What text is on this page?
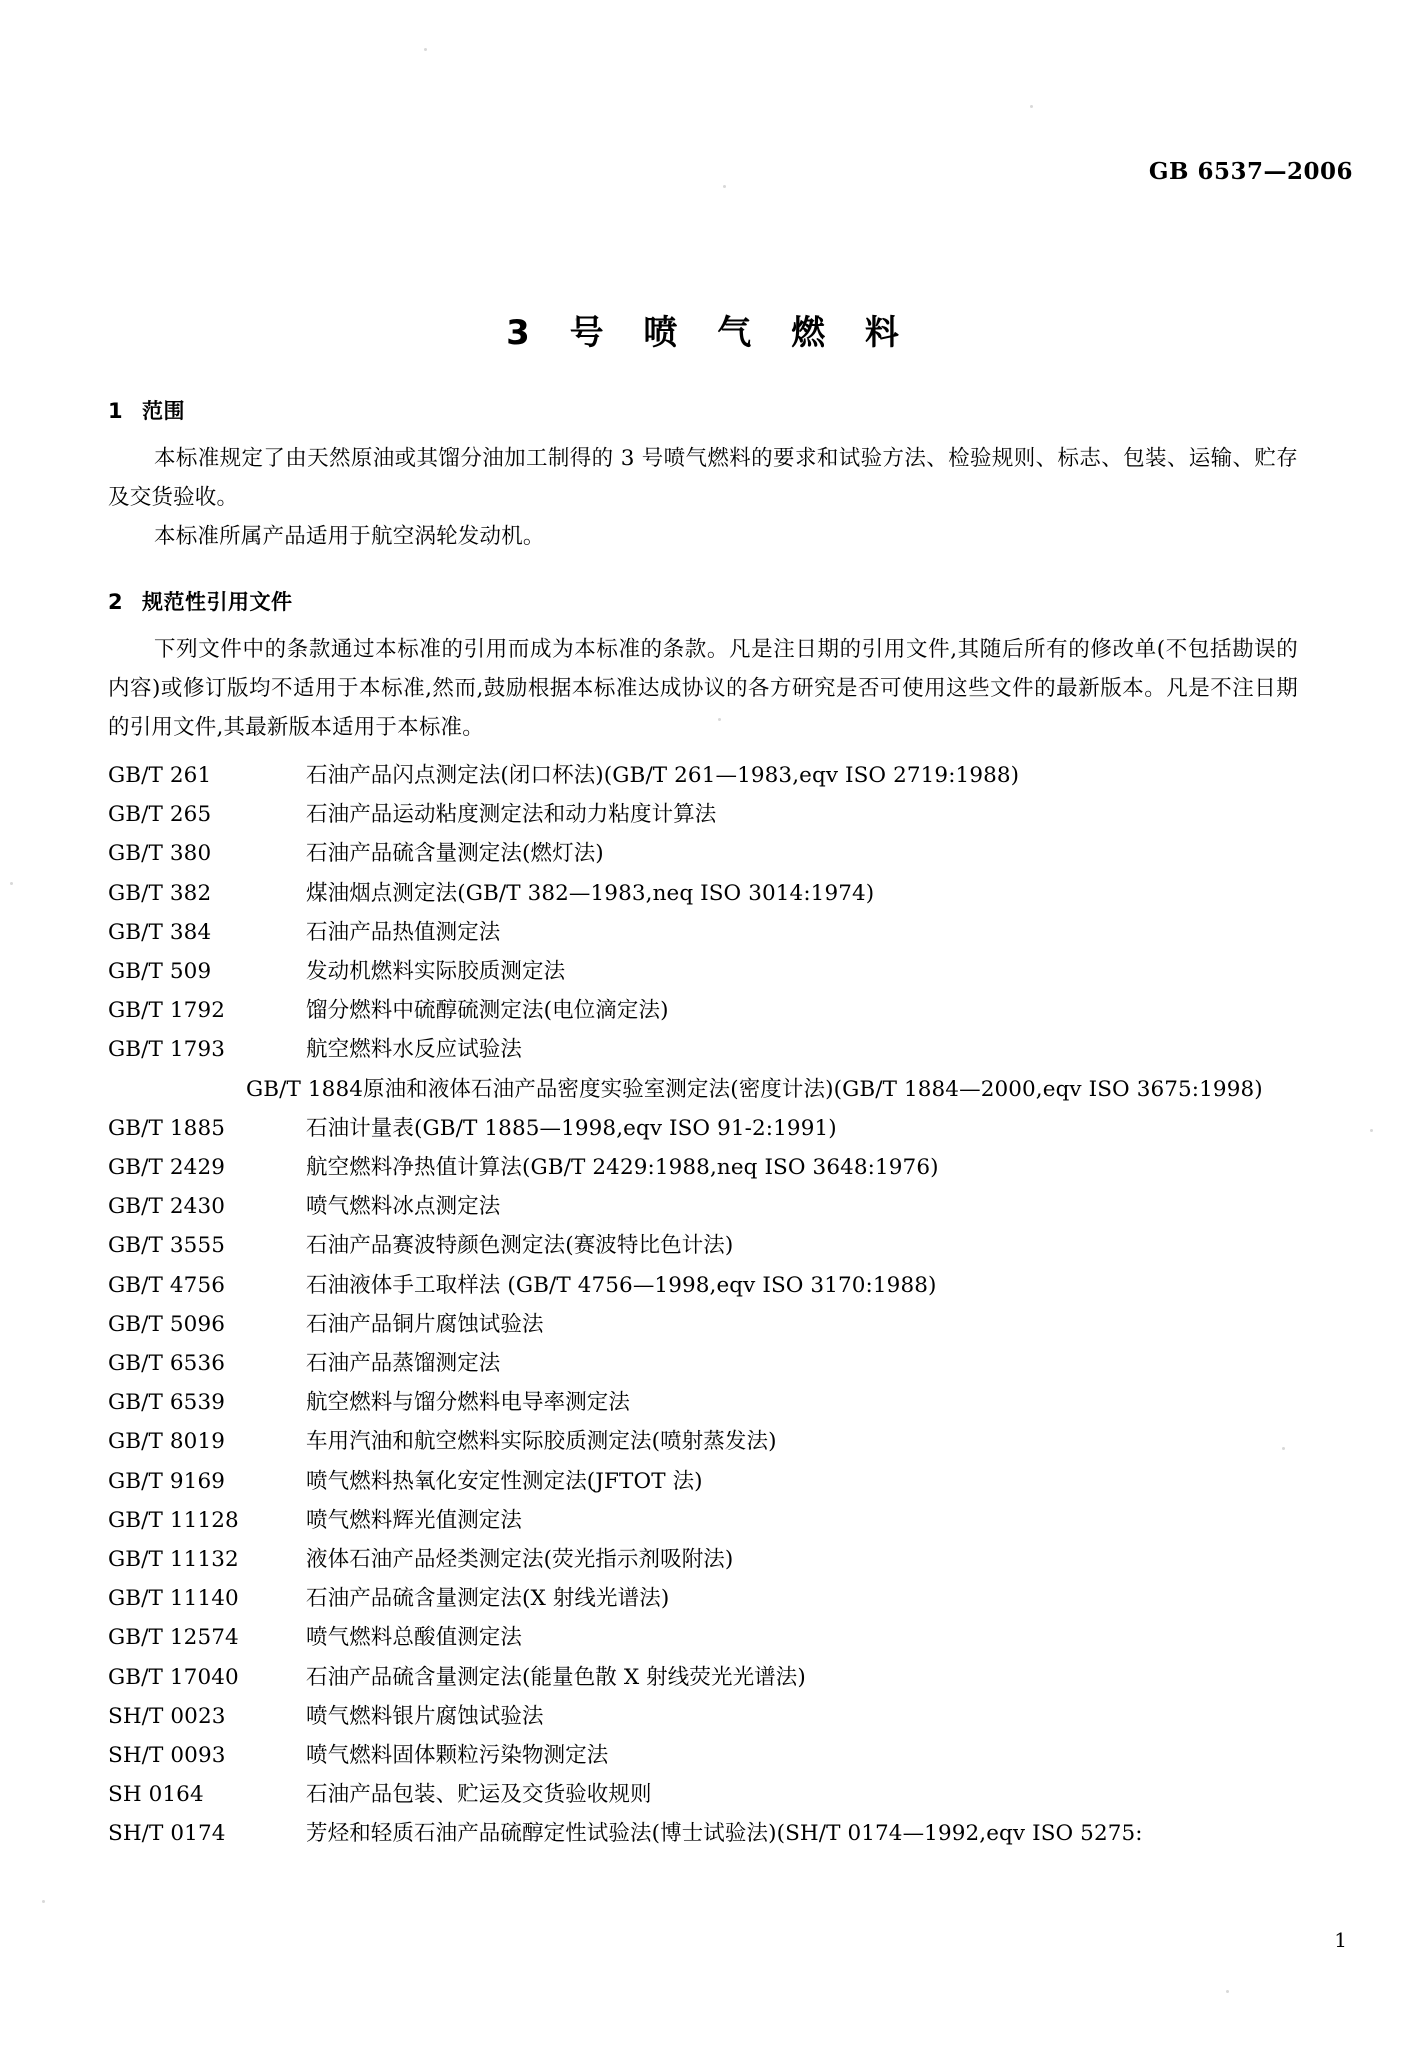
GB 6537—2006
3 号 喷 气 燃 料
1 范围

本标准规定了由天然原油或其馏分油加工制得的 3 号喷气燃料的要求和试验方法、检验规则、标志、包装、运输、贮存及交货验收。

本标准所属产品适用于航空涡轮发动机。

2 规范性引用文件

下列文件中的条款通过本标准的引用而成为本标准的条款。凡是注日期的引用文件,其随后所有的修改单(不包括勘误的内容)或修订版均不适用于本标准,然而,鼓励根据本标准达成协议的各方研究是否可使用这些文件的最新版本。凡是不注日期的引用文件,其最新版本适用于本标准。

GB/T 261	石油产品闪点测定法(闭口杯法)(GB/T 261—1983,eqv ISO 2719:1988)
GB/T 265	石油产品运动粘度测定法和动力粘度计算法
GB/T 380	石油产品硫含量测定法(燃灯法)
GB/T 382	煤油烟点测定法(GB/T 382—1983,neq ISO 3014:1974)
GB/T 384	石油产品热值测定法
GB/T 509	发动机燃料实际胶质测定法
GB/T 1792	馏分燃料中硫醇硫测定法(电位滴定法)
GB/T 1793	航空燃料水反应试验法
GB/T 1884原油和液体石油产品密度实验室测定法(密度计法)(GB/T 1884—2000,eqv ISO 3675:1998)
GB/T 1885	石油计量表(GB/T 1885—1998,eqv ISO 91-2:1991)
GB/T 2429	航空燃料净热值计算法(GB/T 2429:1988,neq ISO 3648:1976)
GB/T 2430	喷气燃料冰点测定法
GB/T 3555	石油产品赛波特颜色测定法(赛波特比色计法)
GB/T 4756	石油液体手工取样法 (GB/T 4756—1998,eqv ISO 3170:1988)
GB/T 5096	石油产品铜片腐蚀试验法
GB/T 6536	石油产品蒸馏测定法
GB/T 6539	航空燃料与馏分燃料电导率测定法
GB/T 8019	车用汽油和航空燃料实际胶质测定法(喷射蒸发法)
GB/T 9169	喷气燃料热氧化安定性测定法(JFTOT 法)
GB/T 11128	喷气燃料辉光值测定法
GB/T 11132	液体石油产品烃类测定法(荧光指示剂吸附法)
GB/T 11140	石油产品硫含量测定法(X 射线光谱法)
GB/T 12574	喷气燃料总酸值测定法
GB/T 17040	石油产品硫含量测定法(能量色散 X 射线荧光光谱法)
SH/T 0023	喷气燃料银片腐蚀试验法
SH/T 0093	喷气燃料固体颗粒污染物测定法
SH 0164	石油产品包装、贮运及交货验收规则
SH/T 0174	芳烃和轻质石油产品硫醇定性试验法(博士试验法)(SH/T 0174—1992,eqv ISO 5275:
1
